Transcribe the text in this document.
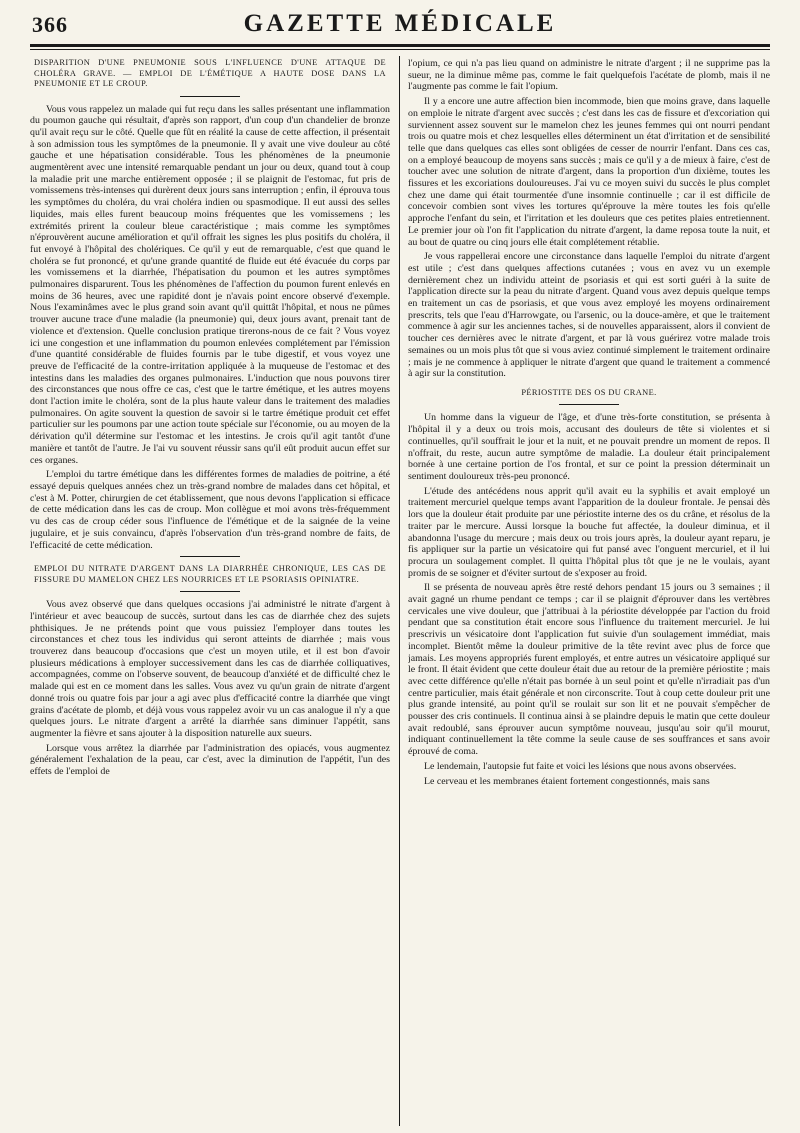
366	GAZETTE MÉDICALE
DISPARITION D'UNE PNEUMONIE SOUS L'INFLUENCE D'UNE ATTAQUE DE CHOLÉRA GRAVE. — EMPLOI DE L'ÉMÉTIQUE A HAUTE DOSE DANS LA PNEUMONIE ET LE CROUP.

Vous vous rappelez un malade qui fut reçu dans les salles présentant une inflammation du poumon gauche qui résultait, d'après son rapport, d'un coup d'un chandelier de bronze qu'il avait reçu sur le côté. Quelle que fût en réalité la cause de cette affection, il présentait à son admission tous les symptômes de la pneumonie. Il y avait une vive douleur au côté gauche et une hépatisation considérable. Tous les phénomènes de la pneumonie augmentèrent avec une intensité remarquable pendant un jour ou deux, quand tout à coup la maladie prit une marche entièrement opposée ; il se plaignit de l'estomac, fut pris de vomissemens très-intenses qui durèrent deux jours sans interruption ; enfin, il éprouva tous les symptômes du choléra, du vrai choléra indien ou spasmodique. Il eut aussi des selles liquides, mais elles furent beaucoup moins fréquentes que les vomissemens ; les extrémités prirent la couleur bleue caractéristique ; mais comme les symptômes n'éprouvèrent aucune amélioration et qu'il offrait les signes les plus positifs du choléra, il fut envoyé à l'hôpital des cholériques. Ce qu'il y eut de remarquable, c'est que quand le choléra se fut prononcé, et qu'une grande quantité de fluide eut été évacuée du corps par les vomissemens et la diarrhée, l'hépatisation du poumon et les autres symptômes pulmonaires disparurent. Tous les phénomènes de l'affection du poumon furent enlevés en moins de 36 heures, avec une rapidité dont je n'avais point encore observé d'exemple. Nous l'examinâmes avec le plus grand soin avant qu'il quittât l'hôpital, et nous ne pûmes trouver aucune trace d'une maladie (la pneumonie) qui, deux jours avant, prenait tant de violence et d'extension. Quelle conclusion pratique tirerons-nous de ce fait ? Vous voyez ici une congestion et une inflammation du poumon enlevées complétement par l'émission d'une quantité considérable de fluides fournis par le tube digestif, et vous voyez une preuve de l'efficacité de la contre-irritation appliquée à la muqueuse de l'estomac et des intestins dans les maladies des organes pulmonaires. L'induction que nous pouvons tirer des circonstances que nous offre ce cas, c'est que le tartre émétique, et les autres moyens dont l'action imite le choléra, sont de la plus haute valeur dans le traitement des maladies pulmonaires. On agite souvent la question de savoir si le tartre émétique produit cet effet particulier sur les poumons par une action toute spéciale sur l'économie, ou au moyen de la dérivation qu'il détermine sur l'estomac et les intestins. Je crois qu'il agit tantôt d'une manière et tantôt de l'autre. Je l'ai vu souvent réussir sans qu'il eût produit aucun effet sur ces organes.

L'emploi du tartre émétique dans les différentes formes de maladies de poitrine, a été essayé depuis quelques années chez un très-grand nombre de malades dans cet hôpital, et c'est à M. Potter, chirurgien de cet établissement, que nous devons l'application si efficace de cette médication dans les cas de croup. Mon collègue et moi avons très-fréquemment vu des cas de croup céder sous l'influence de l'émétique et de la saignée de la veine jugulaire, et je suis convaincu, d'après l'observation d'un très-grand nombre de faits, de l'efficacité de cette médication.

EMPLOI DU NITRATE D'ARGENT DANS LA DIARRHÉE CHRONIQUE, LES CAS DE FISSURE DU MAMELON CHEZ LES NOURRICES ET LE PSORIASIS OPINIATRE.

Vous avez observé que dans quelques occasions j'ai administré le nitrate d'argent à l'intérieur et avec beaucoup de succès, surtout dans les cas de diarrhée chez des sujets phthisiques. Je ne prétends point que vous puissiez l'employer dans toutes les circonstances et chez tous les individus qui seront atteints de diarrhée ; mais vous trouverez dans beaucoup d'occasions que c'est un moyen utile, et il est bon d'avoir plusieurs médications à employer successivement dans les cas de diarrhée colliquatives, accompagnées, comme on l'observe souvent, de beaucoup d'anxiété et de difficulté chez le malade qui est en ce moment dans les salles. Vous avez vu qu'un grain de nitrate d'argent donné trois ou quatre fois par jour a agi avec plus d'efficacité contre la diarrhée que vingt grains d'acétate de plomb, et déjà vous vous rappelez avoir vu un cas analogue il n'y a que quelques jours. Le nitrate d'argent a arrêté la diarrhée sans diminuer l'appétit, sans augmenter la fièvre et sans ajouter à la disposition naturelle aux sueurs.

Lorsque vous arrêtez la diarrhée par l'administration des opiacés, vous augmentez généralement l'exhalation de la peau, car c'est, avec la diminution de l'appétit, l'un des effets de l'emploi de

l'opium, ce qui n'a pas lieu quand on administre le nitrate d'argent ; il ne supprime pas la sueur, ne la diminue même pas, comme le fait quelquefois l'acétate de plomb, mais il ne l'augmente pas comme le fait l'opium.

Il y a encore une autre affection bien incommode, bien que moins grave, dans laquelle on emploie le nitrate d'argent avec succès ; c'est dans les cas de fissure et d'excoriation qui surviennent assez souvent sur le mamelon chez les jeunes femmes qui ont nourri pendant trois ou quatre mois et chez lesquelles elles déterminent un état d'irritation et de sensibilité telle que dans quelques cas elles sont obligées de cesser de nourrir l'enfant. Dans ces cas, on a employé beaucoup de moyens sans succès ; mais ce qu'il y a de mieux à faire, c'est de toucher avec une solution de nitrate d'argent, dans la proportion d'un dixième, toutes les fissures et les excoriations douloureuses. J'ai vu ce moyen suivi du succès le plus complet chez une dame qui était tourmentée d'une insomnie continuelle ; car il est difficile de concevoir combien sont vives les tortures qu'éprouve la mère toutes les fois qu'elle approche l'enfant du sein, et l'irritation et les douleurs que ces petites plaies entretiennent. Le premier jour où l'on fit l'application du nitrate d'argent, la dame reposa toute la nuit, et au bout de quatre ou cinq jours elle était complétement rétablie.

Je vous rappellerai encore une circonstance dans laquelle l'emploi du nitrate d'argent est utile ; c'est dans quelques affections cutanées ; vous en avez vu un exemple dernièrement chez un individu atteint de psoriasis et qui est sorti guéri à la suite de l'application directe sur la peau du nitrate d'argent. Quand vous avez depuis quelque temps en traitement un cas de psoriasis, et que vous avez employé les moyens ordinairement prescrits, tels que l'eau d'Harrowgate, ou l'arsenic, ou la douce-amère, et que le traitement commence à agir sur les anciennes taches, si de nouvelles apparaissent, alors il convient de toucher ces dernières avec le nitrate d'argent, et par là vous guérirez votre malade trois semaines ou un mois plus tôt que si vous aviez continué simplement le traitement ordinaire ; mais je ne commence à appliquer le nitrate d'argent que quand le traitement a commencé à agir sur la constitution.

PÉRIOSTITE DES OS DU CRANE.

Un homme dans la vigueur de l'âge, et d'une très-forte constitution, se présenta à l'hôpital il y a deux ou trois mois, accusant des douleurs de tête si violentes et si continuelles, qu'il souffrait le jour et la nuit, et ne pouvait prendre un moment de repos. Il n'offrait, du reste, aucun autre symptôme de maladie. La douleur était principalement bornée à une certaine portion de l'os frontal, et sur ce point la pression déterminait un sentiment douloureux très-peu prononcé.

L'étude des antécédens nous apprit qu'il avait eu la syphilis et avait employé un traitement mercuriel quelque temps avant l'apparition de la douleur frontale. Je pensai dès lors que la douleur était produite par une périostite interne des os du crâne, et résolus de la traiter par le mercure. Aussi lorsque la bouche fut affectée, la douleur diminua, et il abandonna l'usage du mercure ; mais deux ou trois jours après, la douleur ayant reparu, je fis appliquer sur la partie un vésicatoire qui fut pansé avec l'onguent mercuriel, et il lui procura un soulagement complet. Il quitta l'hôpital plus tôt que je ne le voulais, ayant promis de se soigner et d'éviter surtout de s'exposer au froid.

Il se présenta de nouveau après être resté dehors pendant 15 jours ou 3 semaines ; il avait gagné un rhume pendant ce temps ; car il se plaignit d'éprouver dans les vertèbres cervicales une vive douleur, que j'attribuai à la périostite développée par l'action du froid pendant que sa constitution était encore sous l'influence du traitement mercuriel. Je lui prescrivis un vésicatoire dont l'application fut suivie d'un soulagement immédiat, mais incomplet. Bientôt même la douleur primitive de la tête revint avec plus de force que jamais. Les moyens appropriés furent employés, et entre autres un vésicatoire appliqué sur le front. Il était évident que cette douleur était due au retour de la première périostite ; mais avec cette différence qu'elle n'était pas bornée à un seul point et qu'elle n'irradiait pas d'un centre particulier, mais était générale et non circonscrite. Tout à coup cette douleur prit une plus grande intensité, au point qu'il se roulait sur son lit et ne pouvait s'empêcher de pousser des cris continuels. Il continua ainsi à se plaindre depuis le matin que cette douleur avait redoublé, sans éprouver aucun symptôme nouveau, jusqu'au soir qu'il mourut, indiquant continuellement la tête comme la seule cause de ses souffrances et sans avoir éprouvé de coma.

Le lendemain, l'autopsie fut faite et voici les lésions que nous avons observées.

Le cerveau et les membranes étaient fortement congestionnés, mais sans
